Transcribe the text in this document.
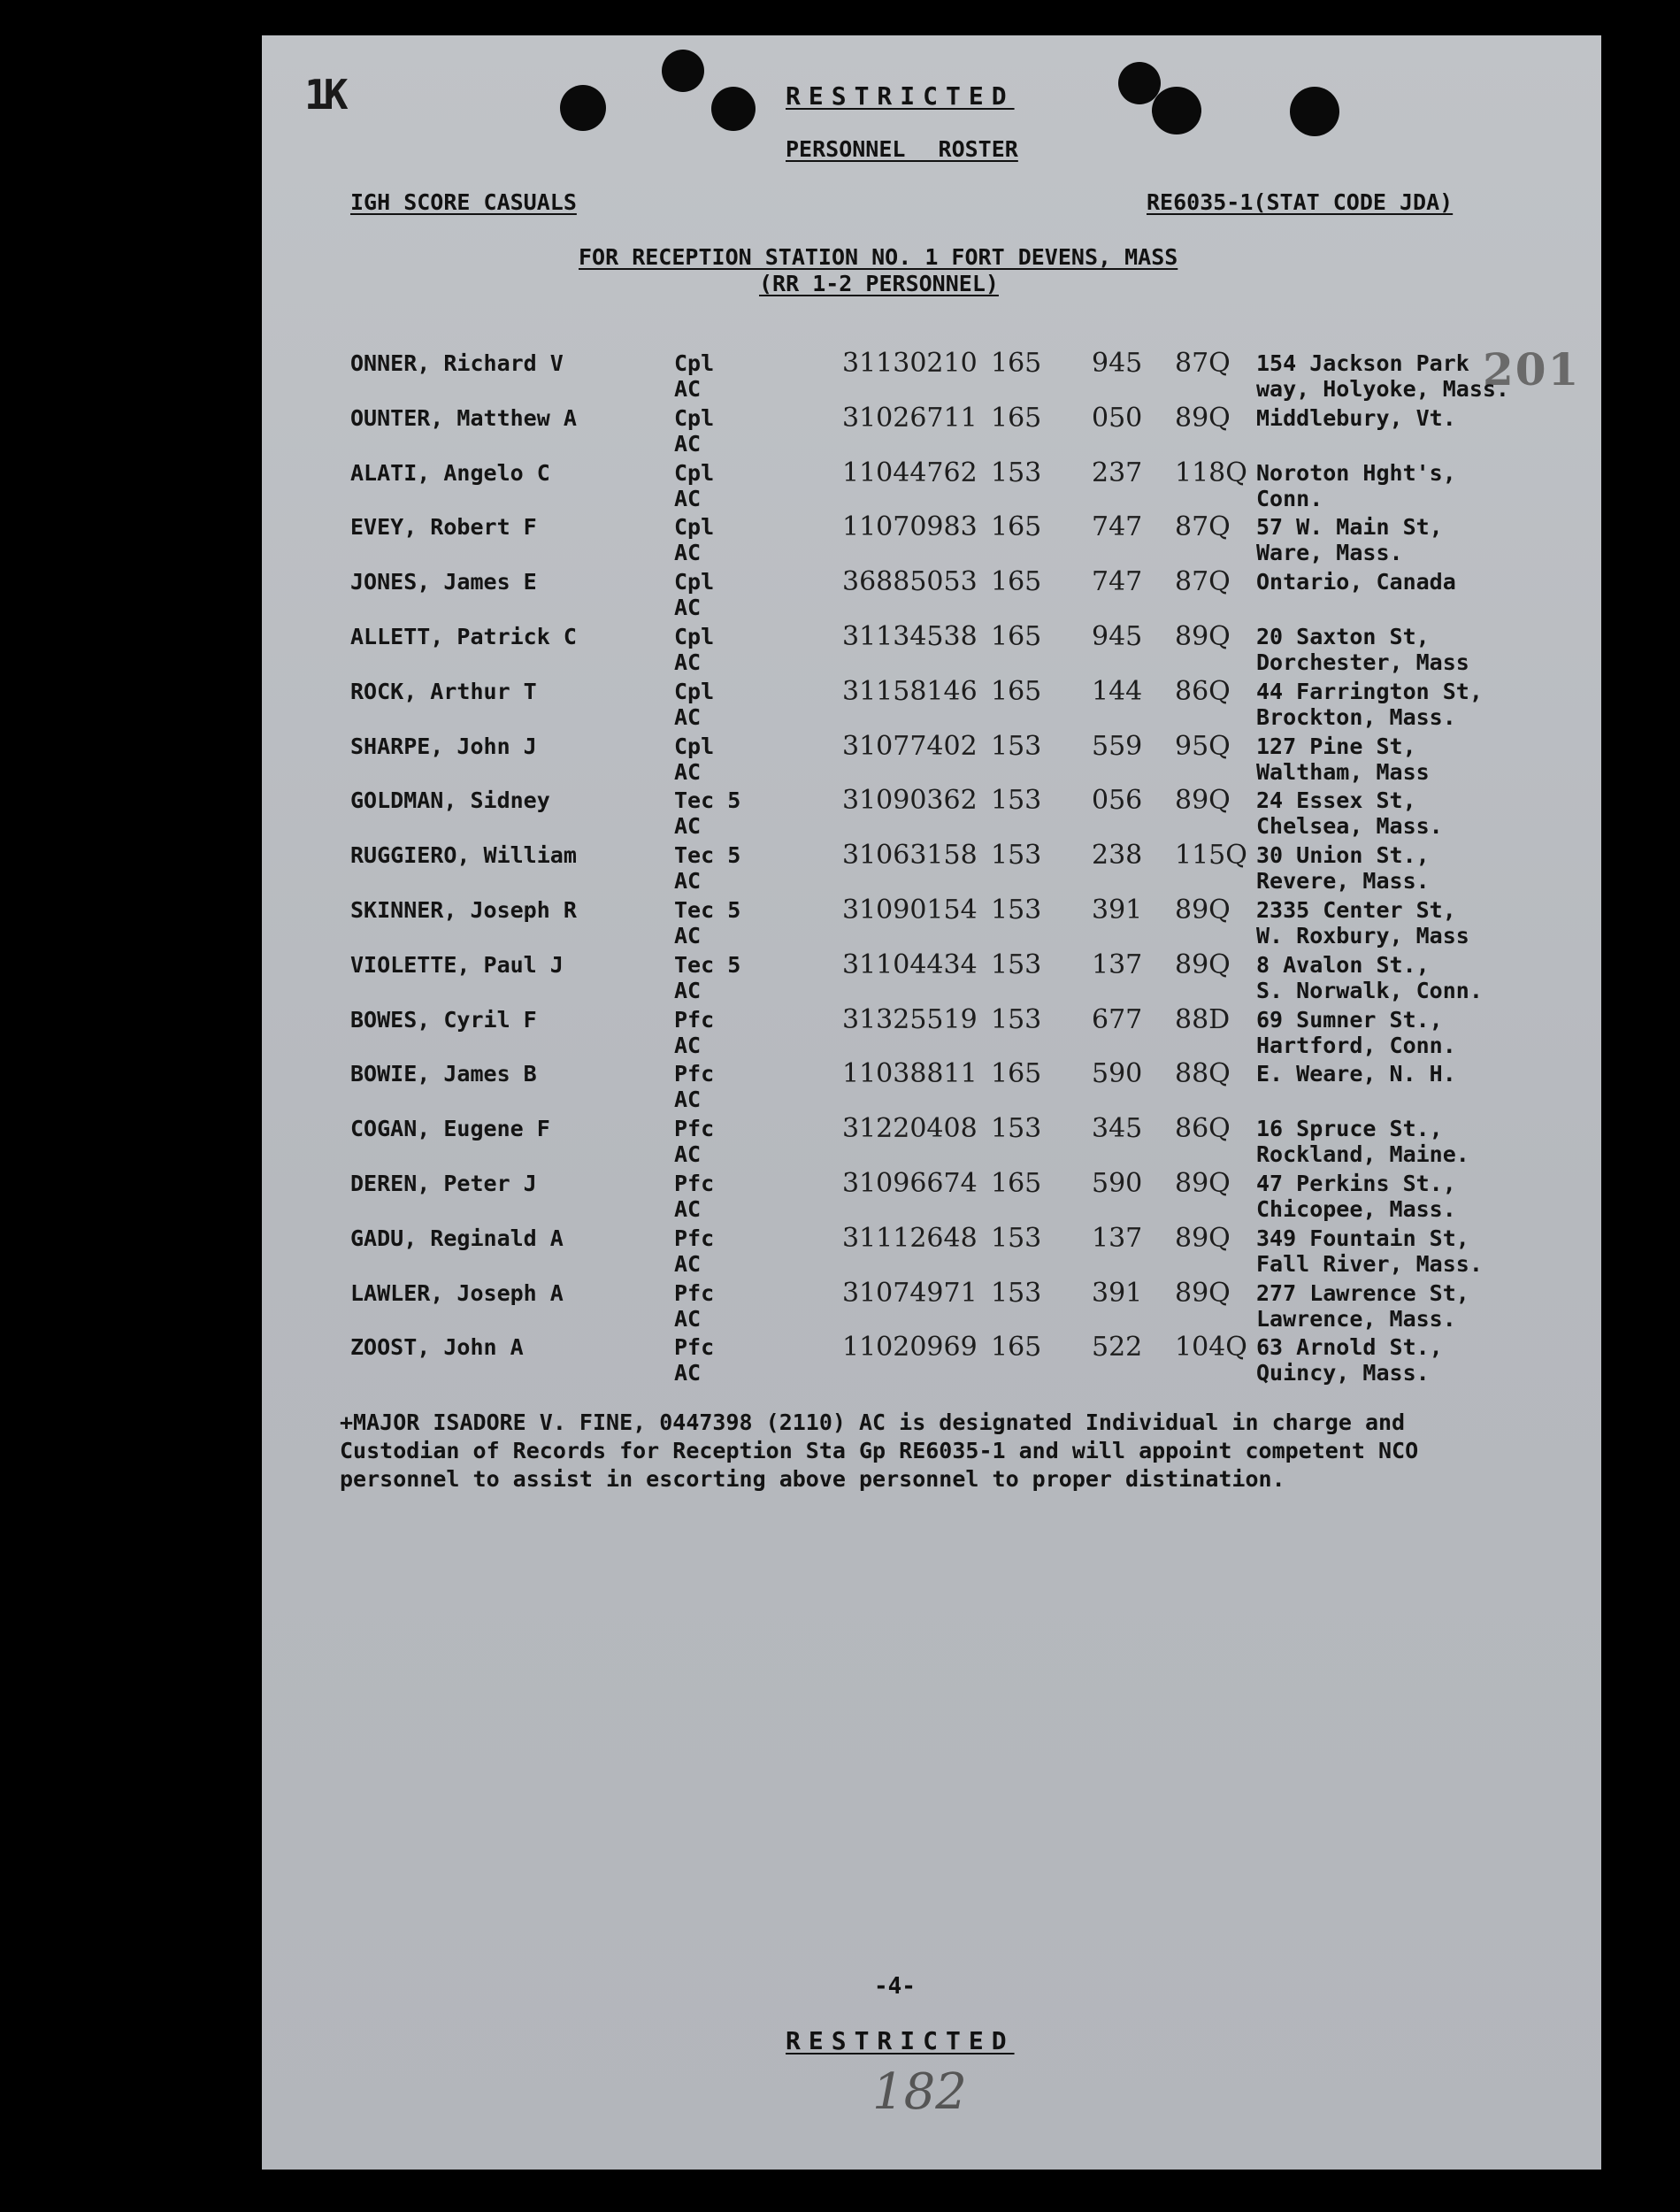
1K	RESTRICTED
PERSONNEL ROSTER
IGH SCORE CASUALS	RE6035-1(STAT CODE JDA)
FOR RECEPTION STATION NO. 1 FORT DEVENS, MASS
(RR 1-2 PERSONNEL)
201
ONNER, Richard V	Cpl	31130210 165 945 87Q 154 Jackson Park
AC	way, Holyoke, Mass.
OUNTER, Matthew A	Cpl	31026711 165 050 89Q Middlebury, Vt.
AC
ALATI, Angelo C	Cpl	11044762 153 237 118Q Noroton Hght's,
AC	Conn.
EVEY, Robert F	Cpl	11070983 165 747 87Q 57 W. Main St,
AC	Ware, Mass.
JONES, James E	Cpl	36885053 165 747 87Q Ontario, Canada
AC
ALLETT, Patrick C	Cpl	31134538 165 945 89Q 20 Saxton St,
AC	Dorchester, Mass
ROCK, Arthur T	Cpl	31158146 165 144 86Q 44 Farrington St,
AC	Brockton, Mass.
SHARPE, John J	Cpl	31077402 153 559 95Q 127 Pine St,
AC	Waltham, Mass
GOLDMAN, Sidney	Tec 5	31090362 153 056 89Q 24 Essex St,
AC	Chelsea, Mass.
RUGGIERO, William	Tec 5	31063158 153 238 115Q 30 Union St.,
AC	Revere, Mass.
SKINNER, Joseph R	Tec 5	31090154 153 391 89Q 2335 Center St,
AC	W. Roxbury, Mass
VIOLETTE, Paul J	Tec 5	31104434 153 137 89Q 8 Avalon St.,
AC	S. Norwalk, Conn.
BOWES, Cyril F	Pfc	31325519 153 677 88D 69 Sumner St.,
AC	Hartford, Conn.
BOWIE, James B	Pfc	11038811 165 590 88Q E. Weare, N. H.
AC
COGAN, Eugene F	Pfc	31220408 153 345 86Q 16 Spruce St.,
AC	Rockland, Maine.
DEREN, Peter J	Pfc	31096674 165 590 89Q 47 Perkins St.,
AC	Chicopee, Mass.
GADU, Reginald A	Pfc	31112648 153 137 89Q 349 Fountain St,
AC	Fall River, Mass.
LAWLER, Joseph A	Pfc	31074971 153 391 89Q 277 Lawrence St,
AC	Lawrence, Mass.
ZOOST, John A	Pfc	11020969 165 522 104Q 63 Arnold St.,
AC	Quincy, Mass.
+MAJOR ISADORE V. FINE, 0447398 (2110) AC is designated Individual in charge and
Custodian of Records for Reception Sta Gp RE6035-1 and will appoint competent NCO
personnel to assist in escorting above personnel to proper distination.
-4-
RESTRICTED
182
